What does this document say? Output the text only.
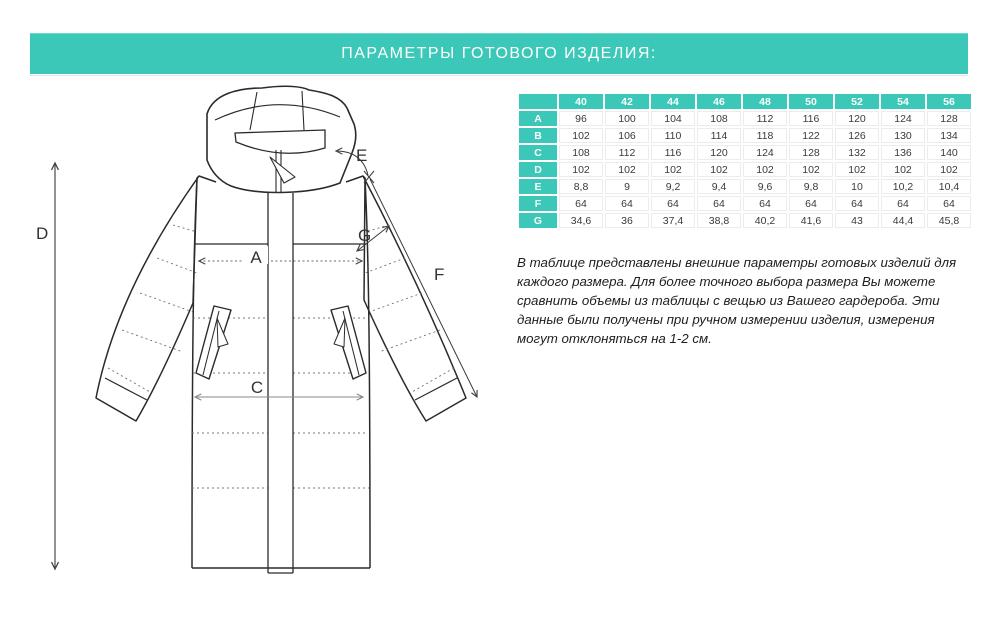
ПАРАМЕТРЫ ГОТОВОГО ИЗДЕЛИЯ:
D
A
C
E
F
G
	40	42	44	46	48	50	52	54	56
A	96	100	104	108	112	116	120	124	128
B	102	106	110	114	118	122	126	130	134
C	108	112	116	120	124	128	132	136	140
D	102	102	102	102	102	102	102	102	102
E	8,8	9	9,2	9,4	9,6	9,8	10	10,2	10,4
F	64	64	64	64	64	64	64	64	64
G	34,6	36	37,4	38,8	40,2	41,6	43	44,4	45,8

В таблице представлены внешние параметры готовых изделий для каждого размера. Для более точного выбора размера Вы можете сравнить объемы из таблицы с вещью из Вашего гардероба. Эти данные были получены при ручном измерении изделия, измерения могут отклоняться на 1-2 см.
